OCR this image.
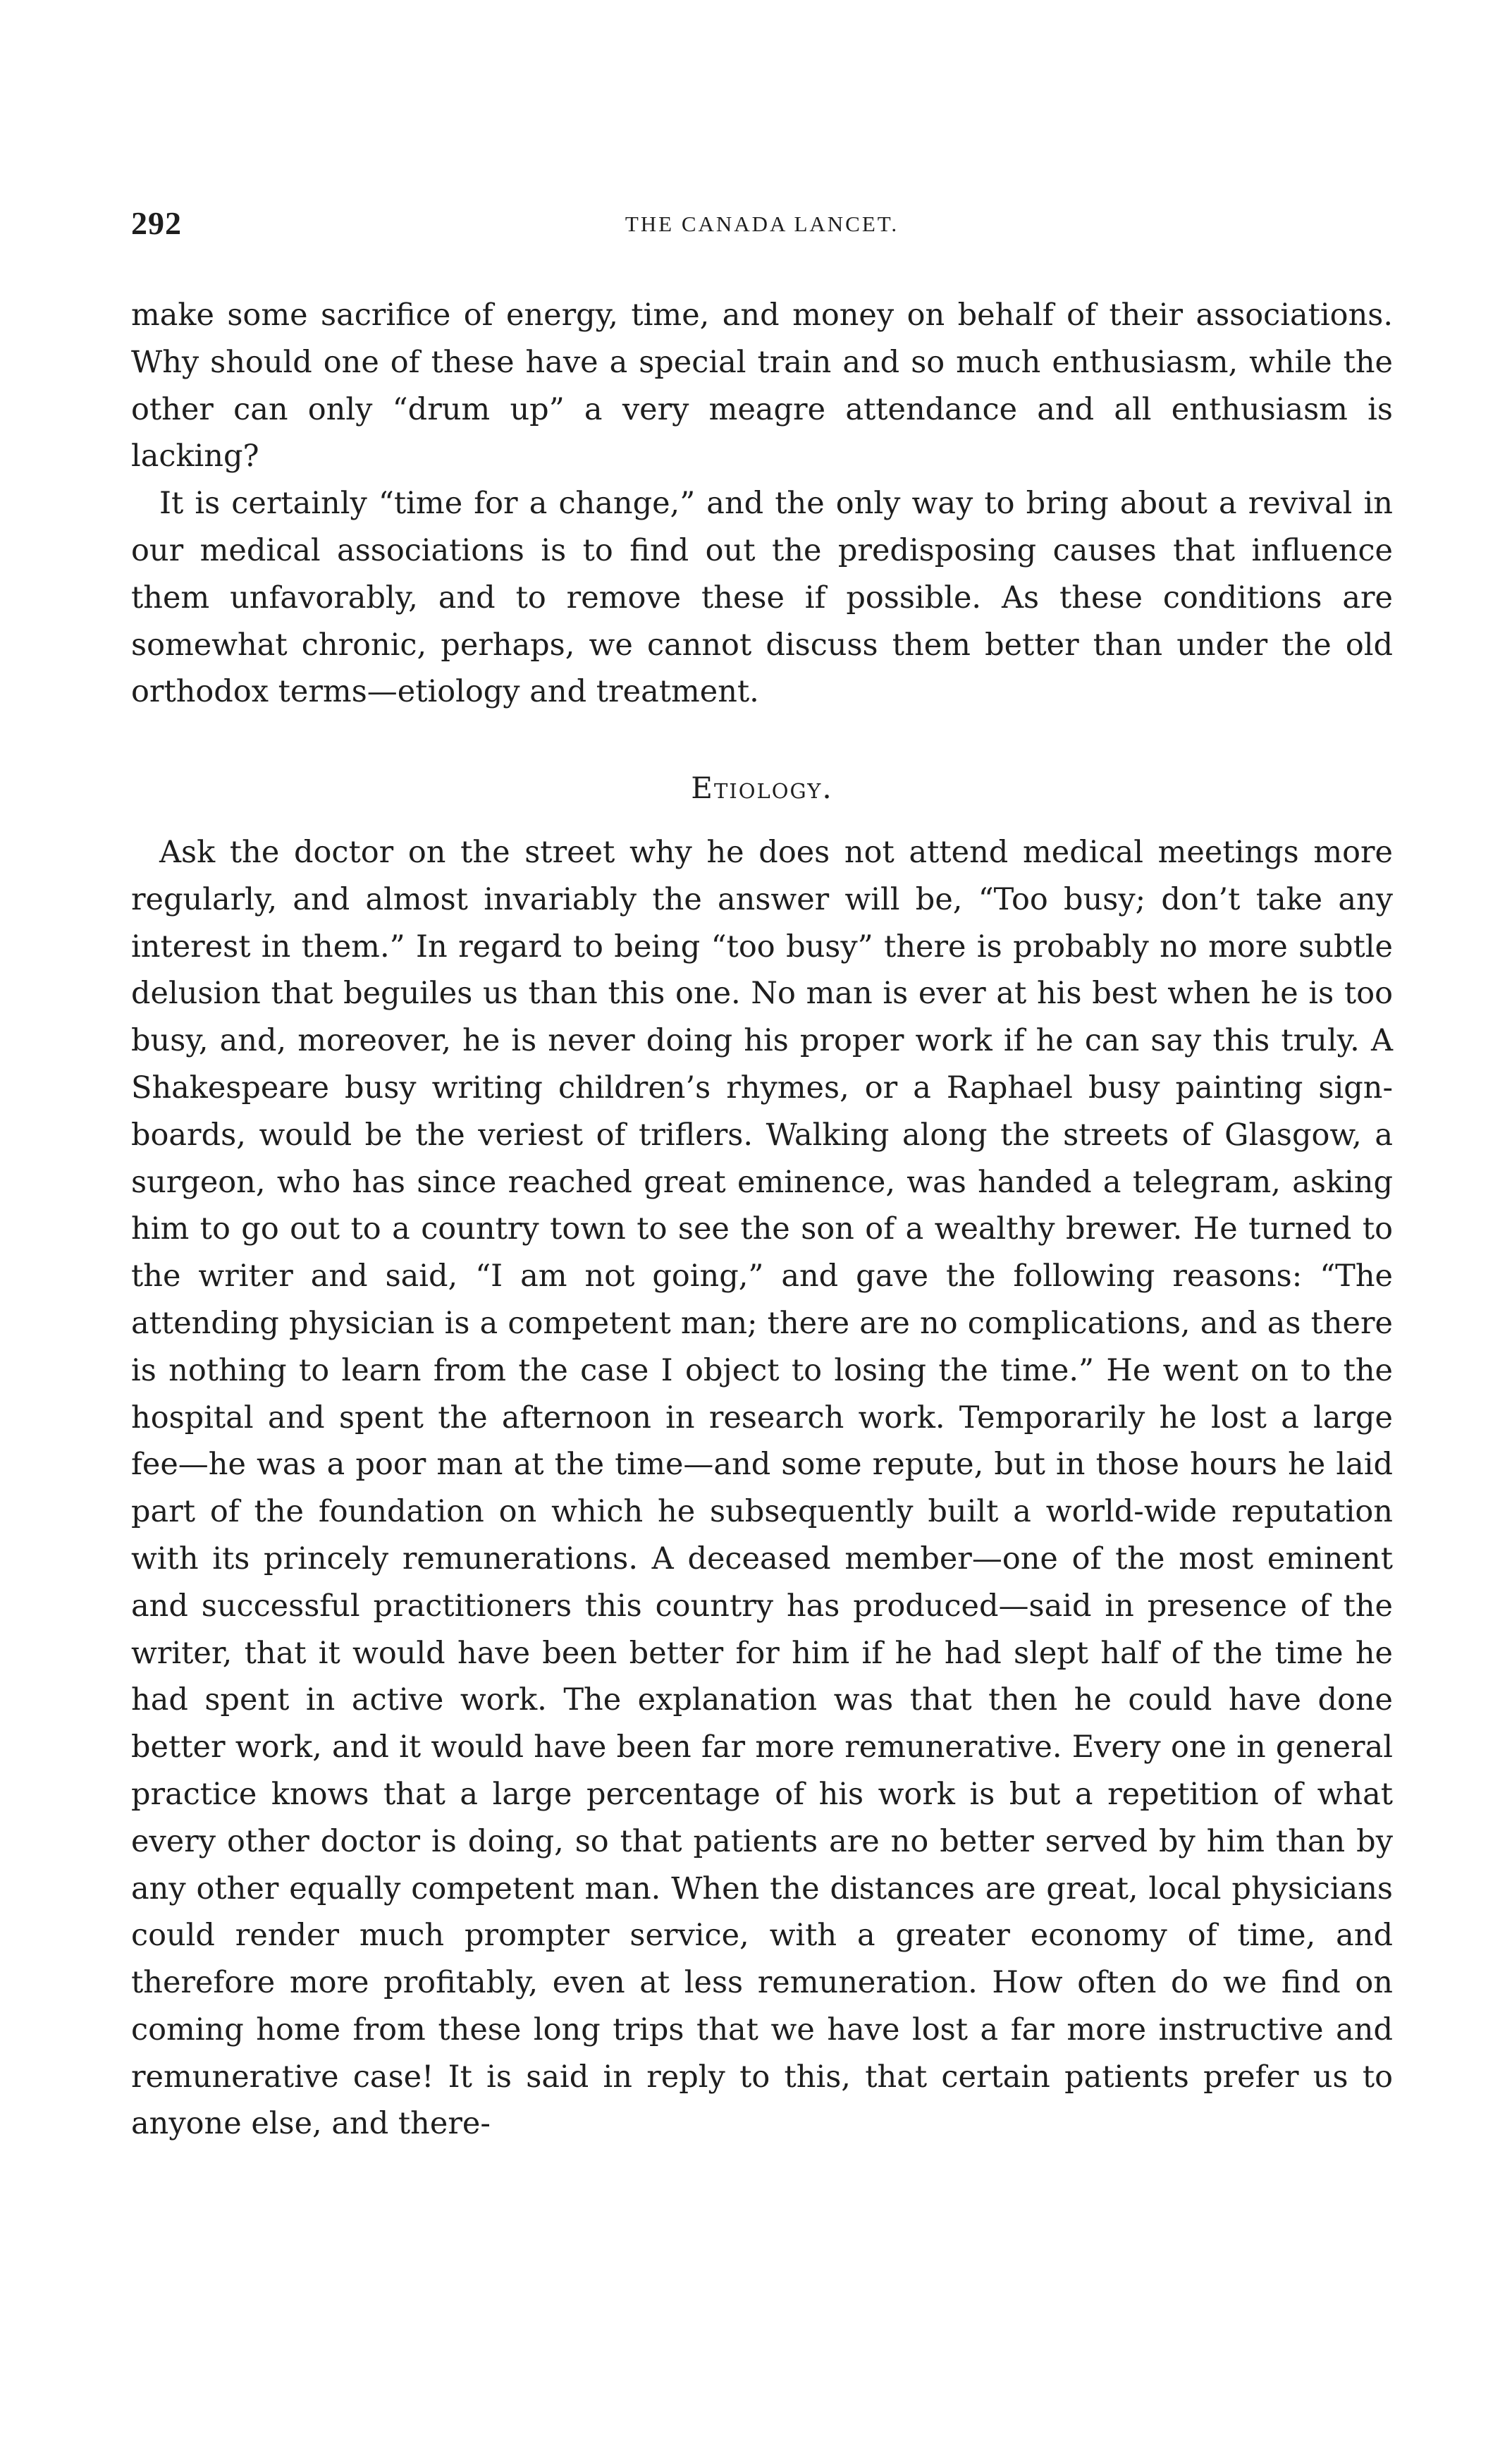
292	THE CANADA LANCET.

make some sacrifice of energy, time, and money on behalf of their associations. Why should one of these have a special train and so much enthusiasm, while the other can only “drum up” a very meagre attendance and all enthusiasm is lacking?

It is certainly “time for a change,” and the only way to bring about a revival in our medical associations is to find out the predisposing causes that influence them unfavorably, and to remove these if possible. As these conditions are somewhat chronic, perhaps, we cannot discuss them better than under the old orthodox terms—etiology and treatment.

Etiology.

Ask the doctor on the street why he does not attend medical meetings more regularly, and almost invariably the answer will be, “Too busy; don’t take any interest in them.” In regard to being “too busy” there is probably no more subtle delusion that beguiles us than this one. No man is ever at his best when he is too busy, and, moreover, he is never doing his proper work if he can say this truly. A Shakespeare busy writing children’s rhymes, or a Raphael busy painting sign-boards, would be the veriest of triflers. Walking along the streets of Glasgow, a surgeon, who has since reached great eminence, was handed a telegram, asking him to go out to a country town to see the son of a wealthy brewer. He turned to the writer and said, “I am not going,” and gave the following reasons: “The attending physician is a competent man; there are no complications, and as there is nothing to learn from the case I object to losing the time.” He went on to the hospital and spent the afternoon in research work. Temporarily he lost a large fee—he was a poor man at the time—and some repute, but in those hours he laid part of the foundation on which he subsequently built a world-wide reputation with its princely remunerations. A deceased member—one of the most eminent and successful practitioners this country has produced—said in presence of the writer, that it would have been better for him if he had slept half of the time he had spent in active work. The explanation was that then he could have done better work, and it would have been far more remunerative. Every one in general practice knows that a large percentage of his work is but a repetition of what every other doctor is doing, so that patients are no better served by him than by any other equally competent man. When the distances are great, local physicians could render much prompter service, with a greater economy of time, and therefore more profitably, even at less remuneration. How often do we find on coming home from these long trips that we have lost a far more instructive and remunerative case! It is said in reply to this, that certain patients prefer us to anyone else, and there-
